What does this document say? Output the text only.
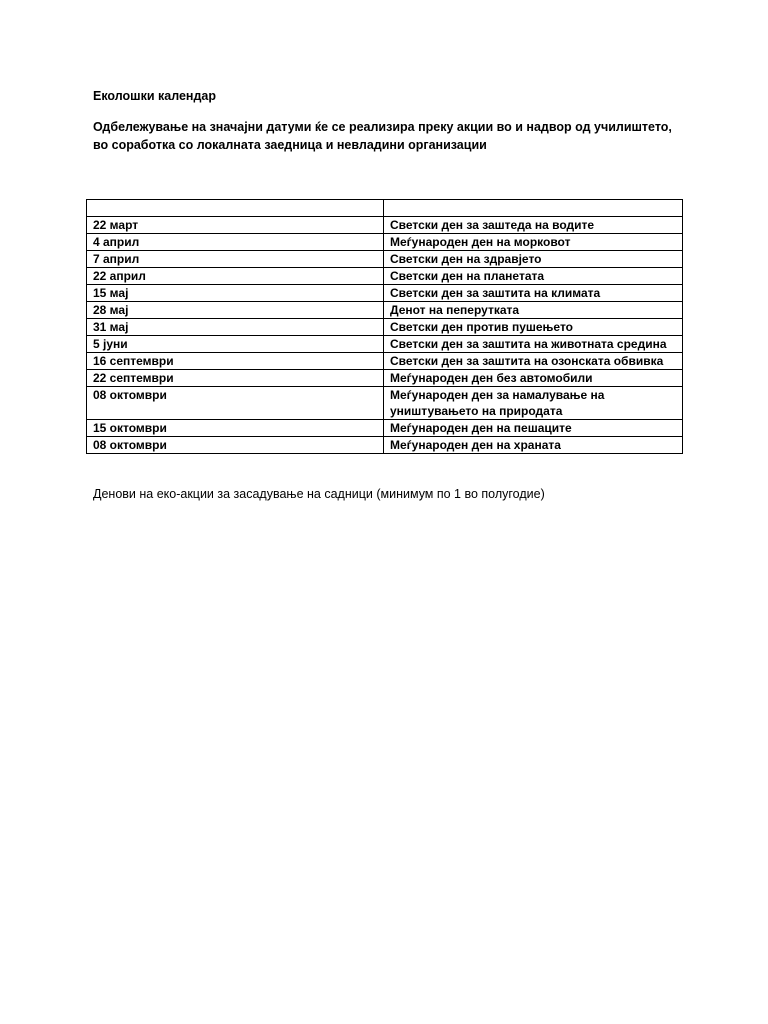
Еколошки календар
Одбележување на значајни датуми ќе се реализира преку акции во и надвор од училиштето,
во соработка со локалната заедница и невладини организации

22 март	Светски ден за заштеда на водите
4 април	Меѓународен ден на морковот
7 април	Светски ден на здравјето
22 април	Светски ден на планетата
15 мај	Светски ден за заштита на климата
28 мај	Денот на пеперутката
31 мај	Светски ден против пушењето
5 јуни	Светски ден за заштита на животната средина
16 септември	Светски ден за заштита на озонската обвивка
22 септември	Меѓународен ден без автомобили
08 октомври	Меѓународен ден за намалување на уништувањето на природата
15 октомври	Меѓународен ден на пешаците
08 октомври	Меѓународен ден на храната
Денови на еко-акции за засадување на садници (минимум по 1 во полугодие)
